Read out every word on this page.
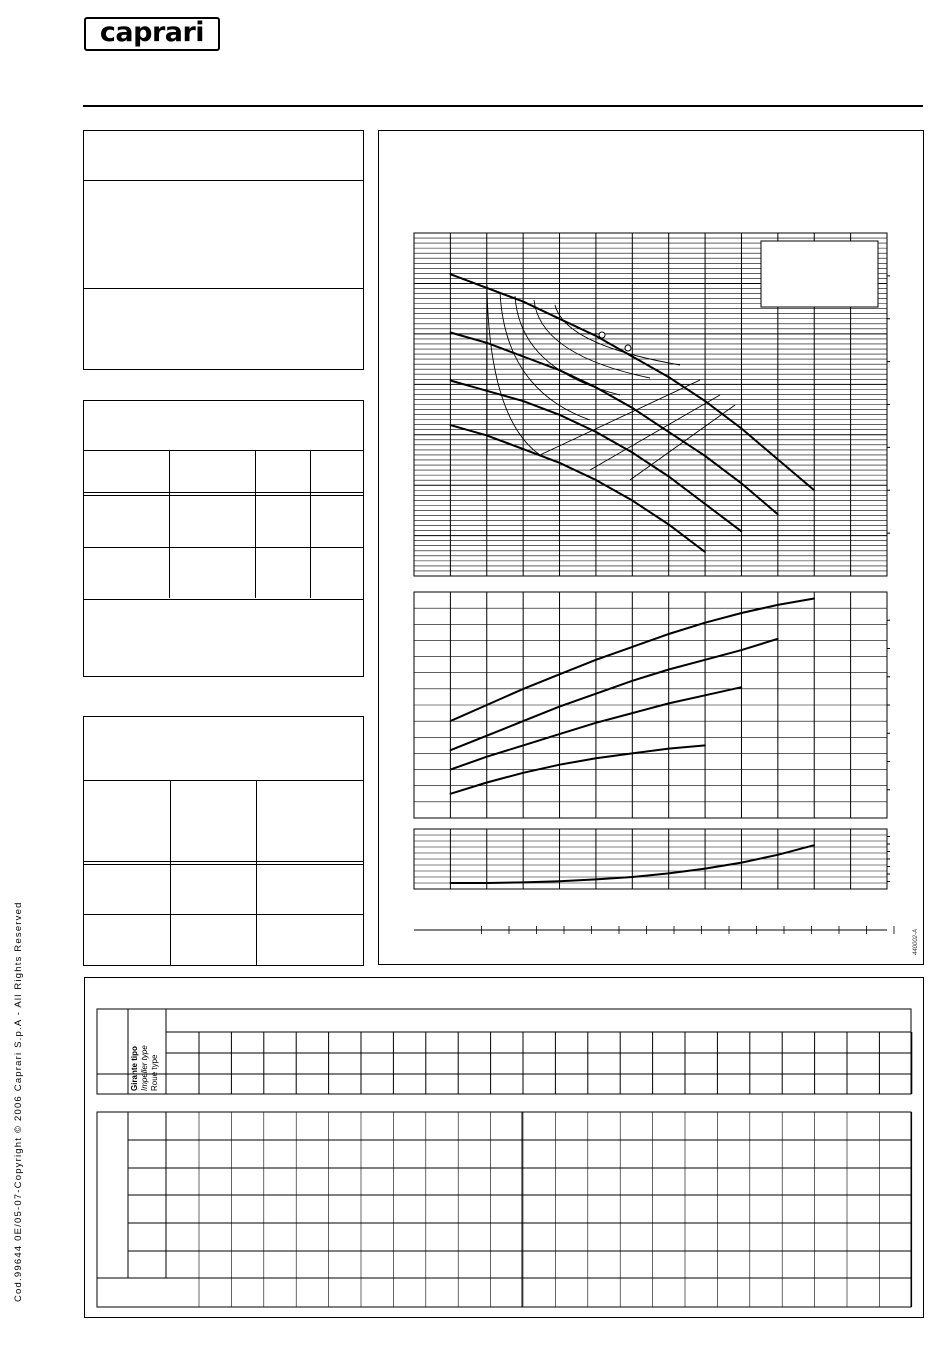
caprari
440002-A
Girante tipo Impeller type Roue type
Cod.99644 0E/05-07-Copyright © 2006 Caprari S.p.A - All Rights Reserved
